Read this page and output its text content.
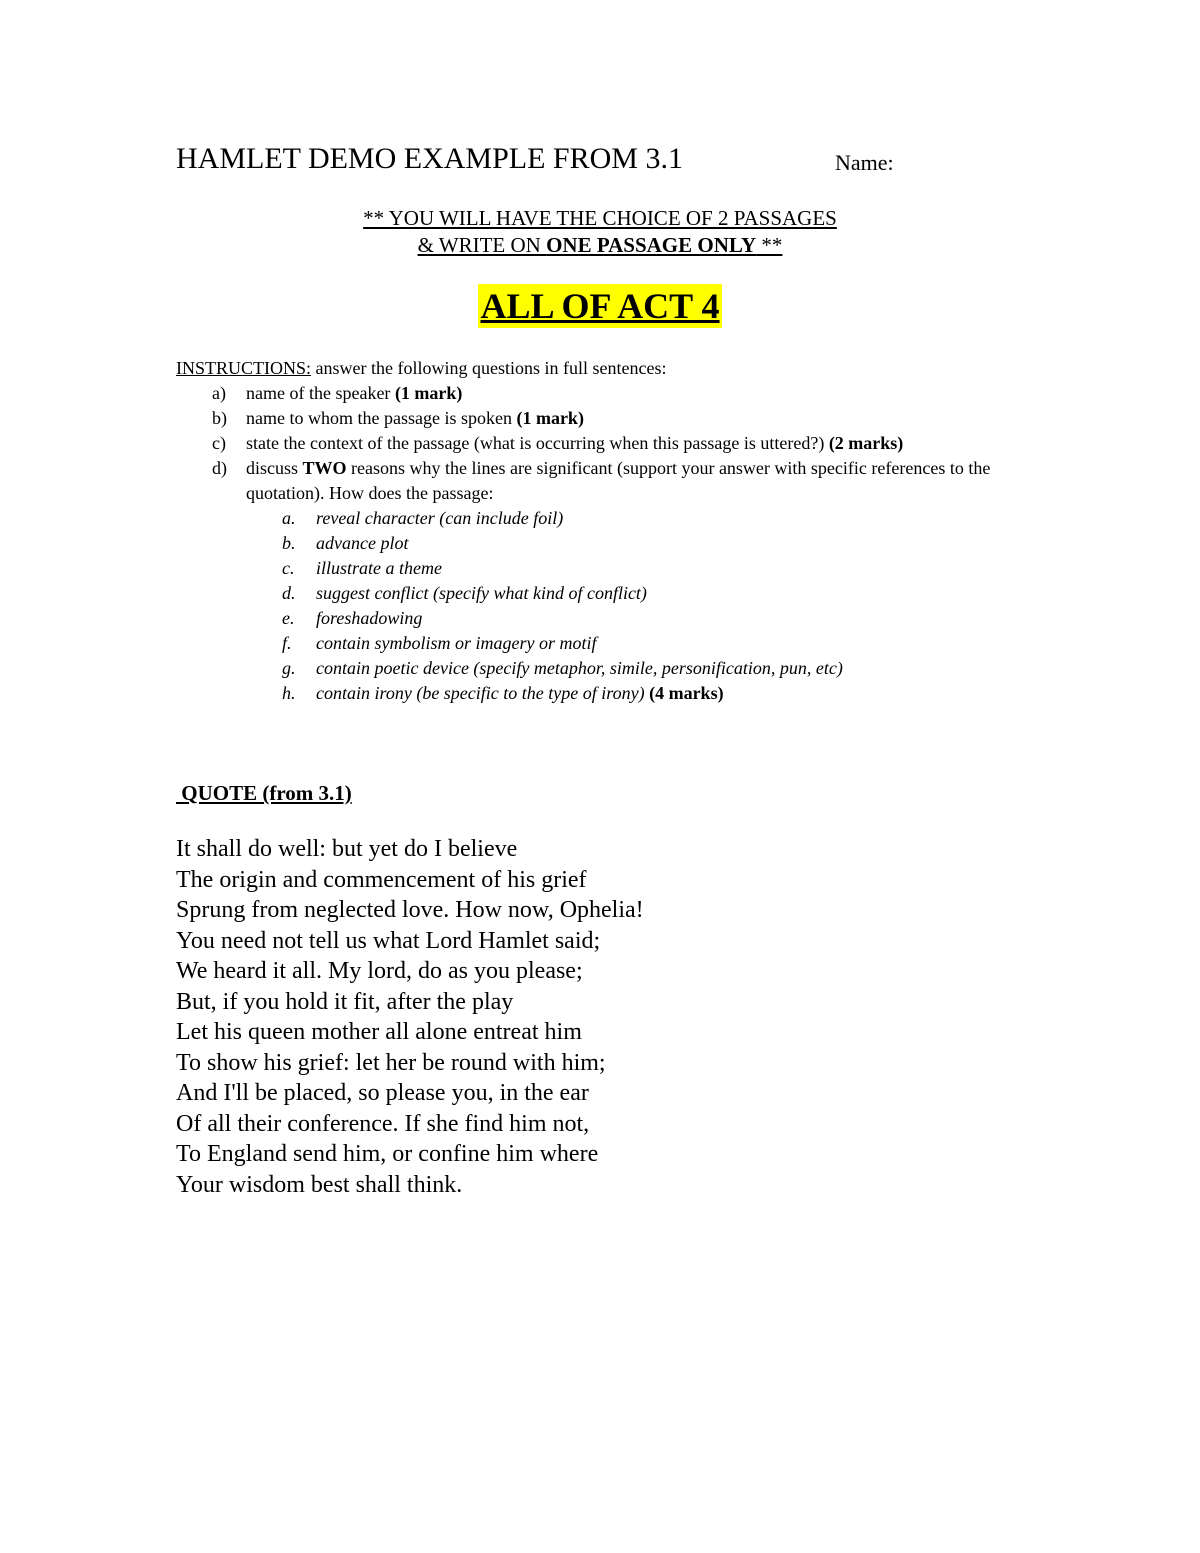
HAMLET DEMO EXAMPLE FROM 3.1	Name:
** YOU WILL HAVE THE CHOICE OF 2 PASSAGES
& WRITE ON ONE PASSAGE ONLY **
ALL OF ACT 4
INSTRUCTIONS: answer the following questions in full sentences:
a)	name of the speaker (1 mark)
b)	name to whom the passage is spoken (1 mark)
c)	state the context of the passage (what is occurring when this passage is uttered?) (2 marks)
d)	discuss TWO reasons why the lines are significant (support your answer with specific references to the quotation). How does the passage:
a.	reveal character (can include foil)
b.	advance plot
c.	illustrate a theme
d.	suggest conflict (specify what kind of conflict)
e.	foreshadowing
f.	contain symbolism or imagery or motif
g.	contain poetic device (specify metaphor, simile, personification, pun, etc)
h.	contain irony (be specific to the type of irony) (4 marks)
QUOTE (from 3.1)
It shall do well: but yet do I believe
The origin and commencement of his grief
Sprung from neglected love. How now, Ophelia!
You need not tell us what Lord Hamlet said;
We heard it all. My lord, do as you please;
But, if you hold it fit, after the play
Let his queen mother all alone entreat him
To show his grief: let her be round with him;
And I'll be placed, so please you, in the ear
Of all their conference. If she find him not,
To England send him, or confine him where
Your wisdom best shall think.
